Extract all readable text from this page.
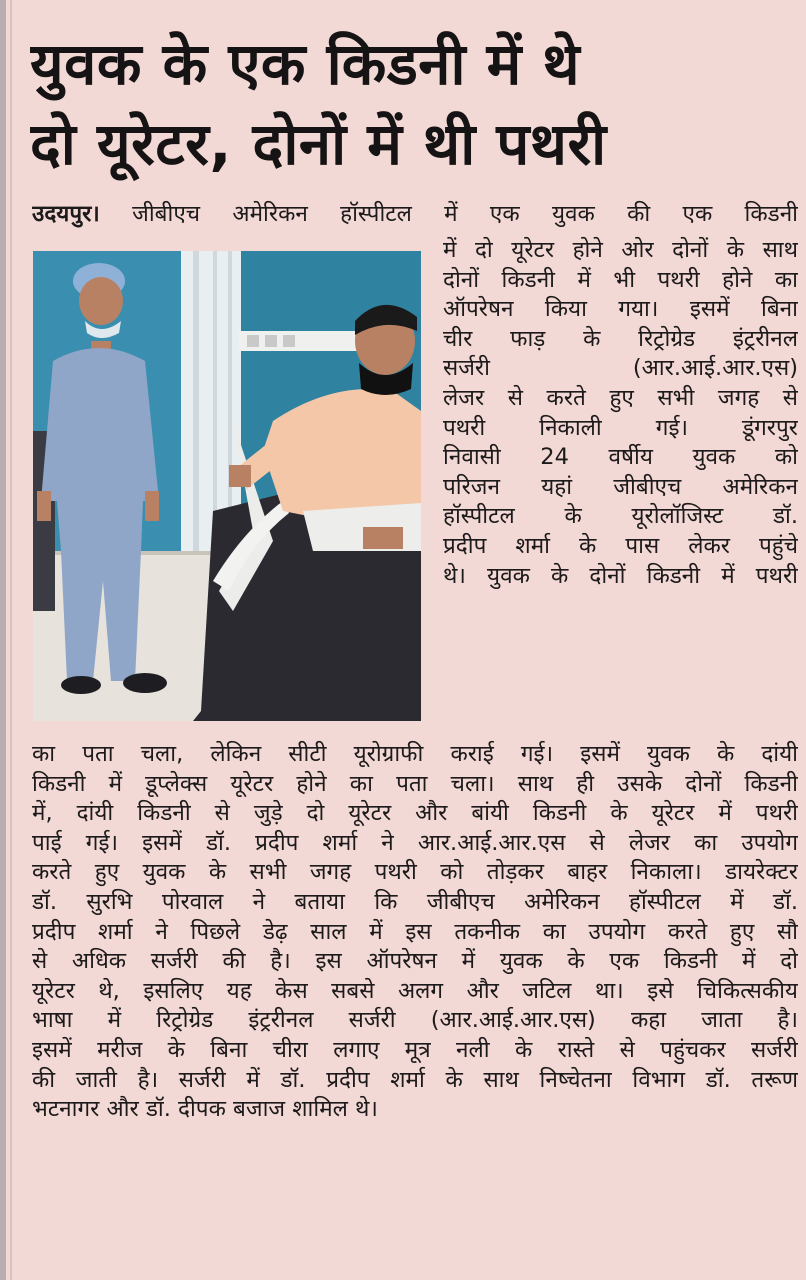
युवक के एक किडनी में थे
दो यूरेटर, दोनों में थी पथरी
उदयपुर। जीबीएच अमेरिकन हॉस्पीटल में एक युवक की एक किडनी
में दो यूरेटर होने ओर दोनों के साथ
दोनों किडनी में भी पथरी होने का
ऑपरेषन किया गया। इसमें बिना
चीर फाड़ के रिट्रोग्रेड इंट्ररीनल
सर्जरी (आर.आई.आर.एस)
लेजर से करते हुए सभी जगह से
पथरी निकाली गई। डूंगरपुर
निवासी 24 वर्षीय युवक को
परिजन यहां जीबीएच अमेरिकन
हॉस्पीटल के यूरोलॉजिस्ट डॉ.
प्रदीप शर्मा के पास लेकर पहुंचे
थे। युवक के दोनों किडनी में पथरी
का पता चला, लेकिन सीटी यूरोग्राफी कराई गई। इसमें युवक के दांयी
किडनी में डूप्लेक्स यूरेटर होने का पता चला। साथ ही उसके दोनों किडनी
में, दांयी किडनी से जुड़े दो यूरेटर और बांयी किडनी के यूरेटर में पथरी
पाई गई। इसमें डॉ. प्रदीप शर्मा ने आर.आई.आर.एस से लेजर का उपयोग
करते हुए युवक के सभी जगह पथरी को तोड़कर बाहर निकाला। डायरेक्टर
डॉ. सुरभि पोरवाल ने बताया कि जीबीएच अमेरिकन हॉस्पीटल में डॉ.
प्रदीप शर्मा ने पिछले डेढ़ साल में इस तकनीक का उपयोग करते हुए सौ
से अधिक सर्जरी की है। इस ऑपरेषन में युवक के एक किडनी में दो
यूरेटर थे, इसलिए यह केस सबसे अलग और जटिल था। इसे चिकित्सकीय
भाषा में रिट्रोग्रेड इंट्ररीनल सर्जरी (आर.आई.आर.एस) कहा जाता है।
इसमें मरीज के बिना चीरा लगाए मूत्र नली के रास्ते से पहुंचकर सर्जरी
की जाती है। सर्जरी में डॉ. प्रदीप शर्मा के साथ निष्चेतना विभाग डॉ. तरूण
भटनागर और डॉ. दीपक बजाज शामिल थे।
